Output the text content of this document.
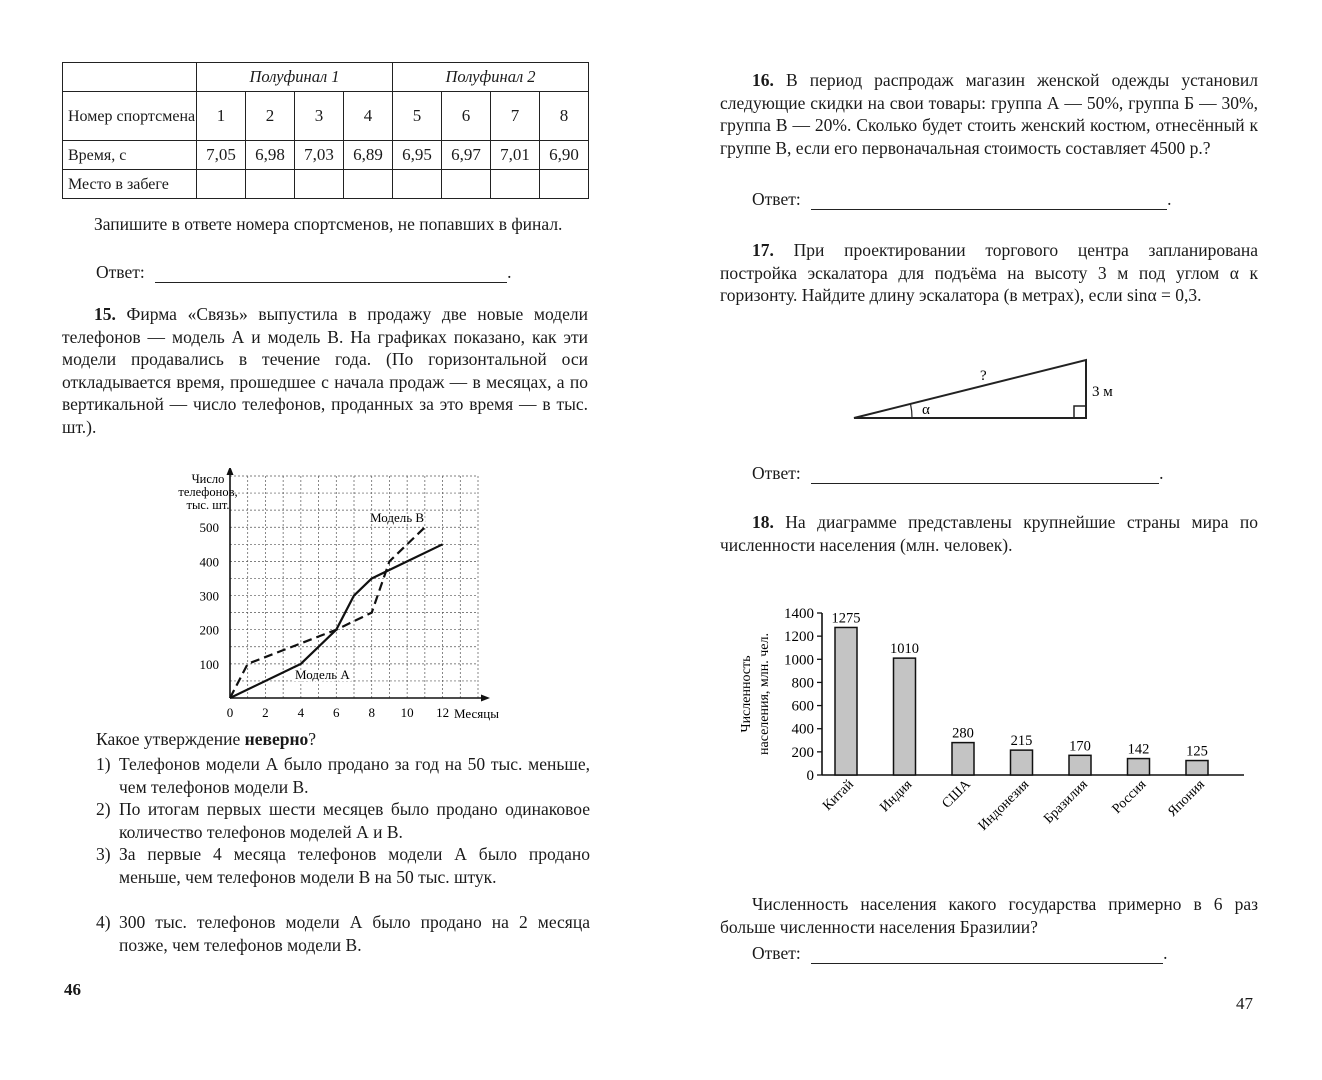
	Полуфинал 1				Полуфинал 2			
Номер спортсмена	1	2	3	4	5	6	7	8
Время, с	7,05	6,98	7,03	6,89	6,95	6,97	7,01	6,90
Место в забеге								
Запишите в ответе номера спортсменов, не попавших в финал.
Ответ:	.
15. Фирма «Связь» выпустила в продажу две новые модели телефонов — модель А и модель В. На графиках показано, как эти модели продавались в течение года. (По горизонтальной оси откладывается время, прошедшее с начала продаж — в месяцах, а по вертикальной — число телефонов, проданных за это время — в тыс. шт.).
0 2 4 6 8 10 12
100
200
300
400
500
Число
телефонов,
тыс. шт.
Месяцы
Модель В
Модель А
Какое утверждение неверно?
1) Телефонов модели А было продано за год на 50 тыс. меньше, чем телефонов модели В.
2) По итогам первых шести месяцев было продано одинаковое количество телефонов моделей А и В.
3) За первые 4 месяца телефонов модели А было продано меньше, чем телефонов модели В на 50 тыс. штук.
4) 300 тыс. телефонов модели А было продано на 2 месяца позже, чем телефонов модели В.
46
16. В период распродаж магазин женской одежды установил следующие скидки на свои товары: группа А — 50%, группа Б — 30%, группа В — 20%. Сколько будет стоить женский костюм, отнесённый к группе В, если его первоначальная стоимость составляет 4500 р.?
Ответ:	.
17. При проектировании торгового центра запланирована постройка эскалатора для подъёма на высоту 3 м под углом α к горизонту. Найдите длину эскалатора (в метрах), если sinα = 0,3.
α
?
3 м
Ответ:	.
18. На диаграмме представлены крупнейшие страны мира по численности населения (млн. человек).
0
200
400
600
800
1000
1200
1400 1275
Китай
1010
Индия
280
США
215
Индонезия
170
Бразилия
142
Россия
125
Япония
Численность населения, млн. чел.
Численность населения какого государства примерно в 6 раз больше численности населения Бразилии?
Ответ:	.
47
